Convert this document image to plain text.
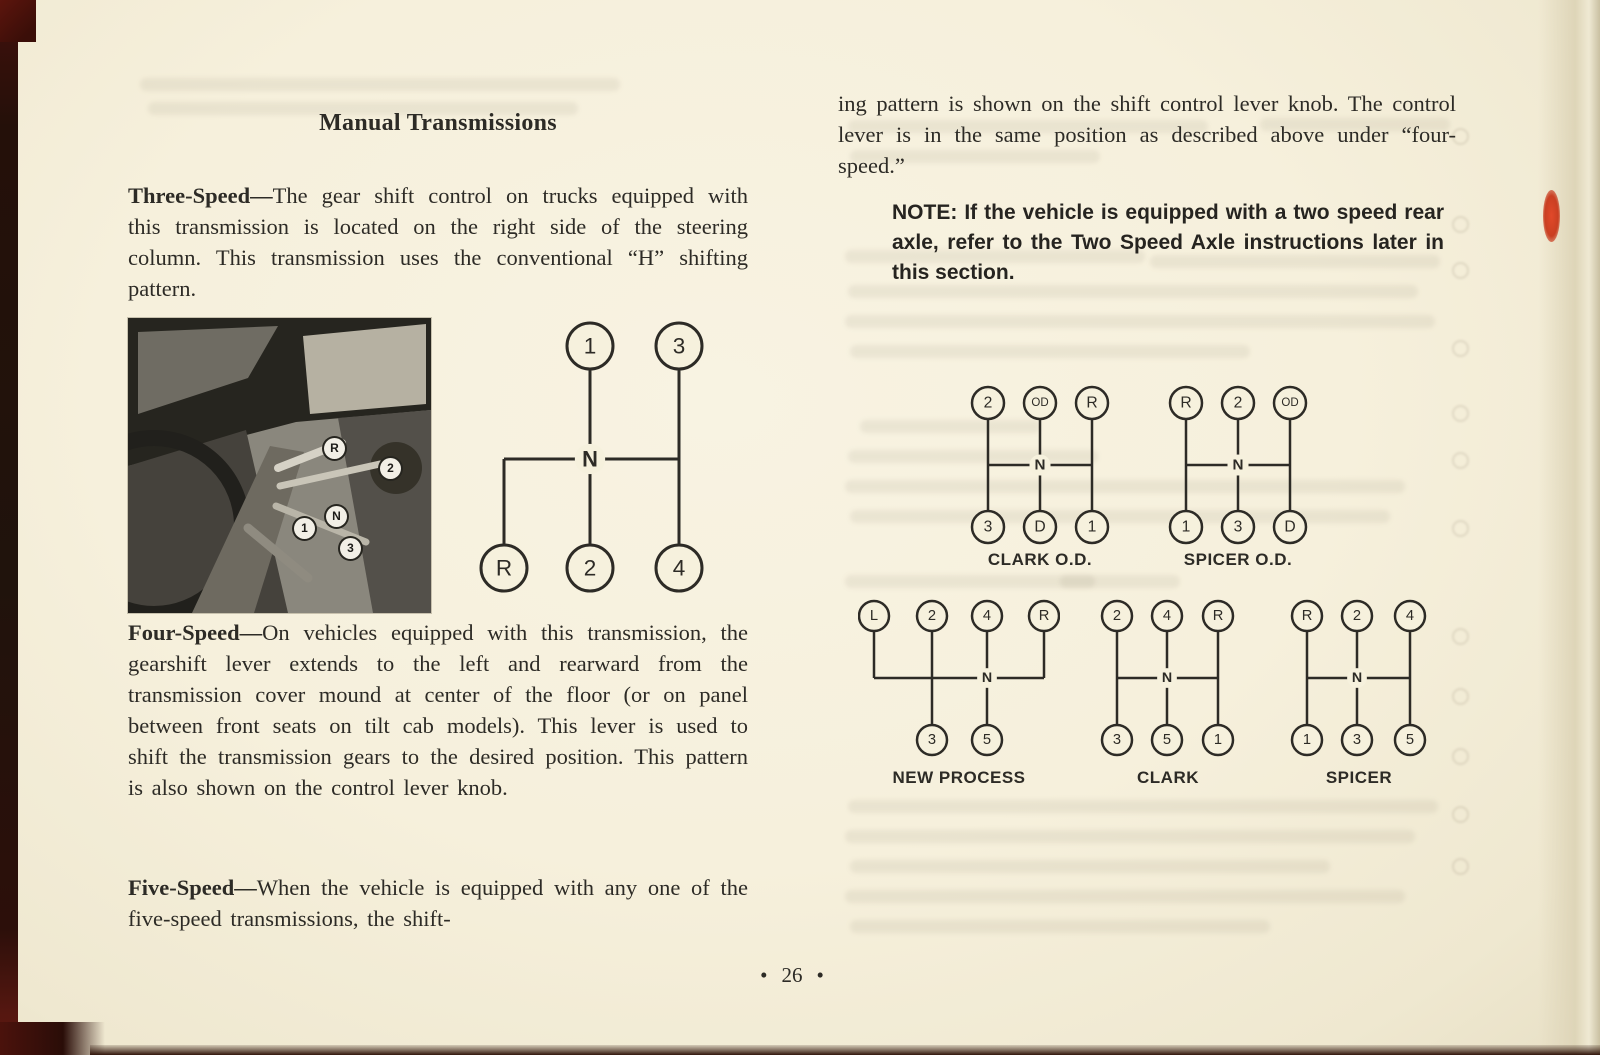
Manual Transmissions
Three-Speed—The gear shift control on trucks equipped with this transmission is located on the right side of the steering column. This transmission uses the conventional “H” shifting pattern.
R
2
N
1
3
R
N
1
2
3
4
Four-Speed—On vehicles equipped with this transmission, the gearshift lever extends to the left and rearward from the transmission cover mound at center of the floor (or on panel between front seats on tilt cab models). This lever is used to shift the transmission gears to the desired position. This pattern is also shown on the control lever knob.
Five-Speed—When the vehicle is equipped with any one of the five-speed transmissions, the shift-
ing pattern is shown on the shift control lever knob. The control lever is in the same position as described above under “four-speed.”
NOTE: If the vehicle is equipped with a two speed rear axle, refer to the Two Speed Axle instructions later in this section.
2
3
N
OD
D
R
1
CLARK O.D.
R
1
N
2
3
OD
D
SPICER O.D.
L	2
3
N
4
5
R
NEW PROCESS
2
3
N
4
5
R
1
CLARK
R
1
N
2
3
4
5
SPICER
• 26 •
